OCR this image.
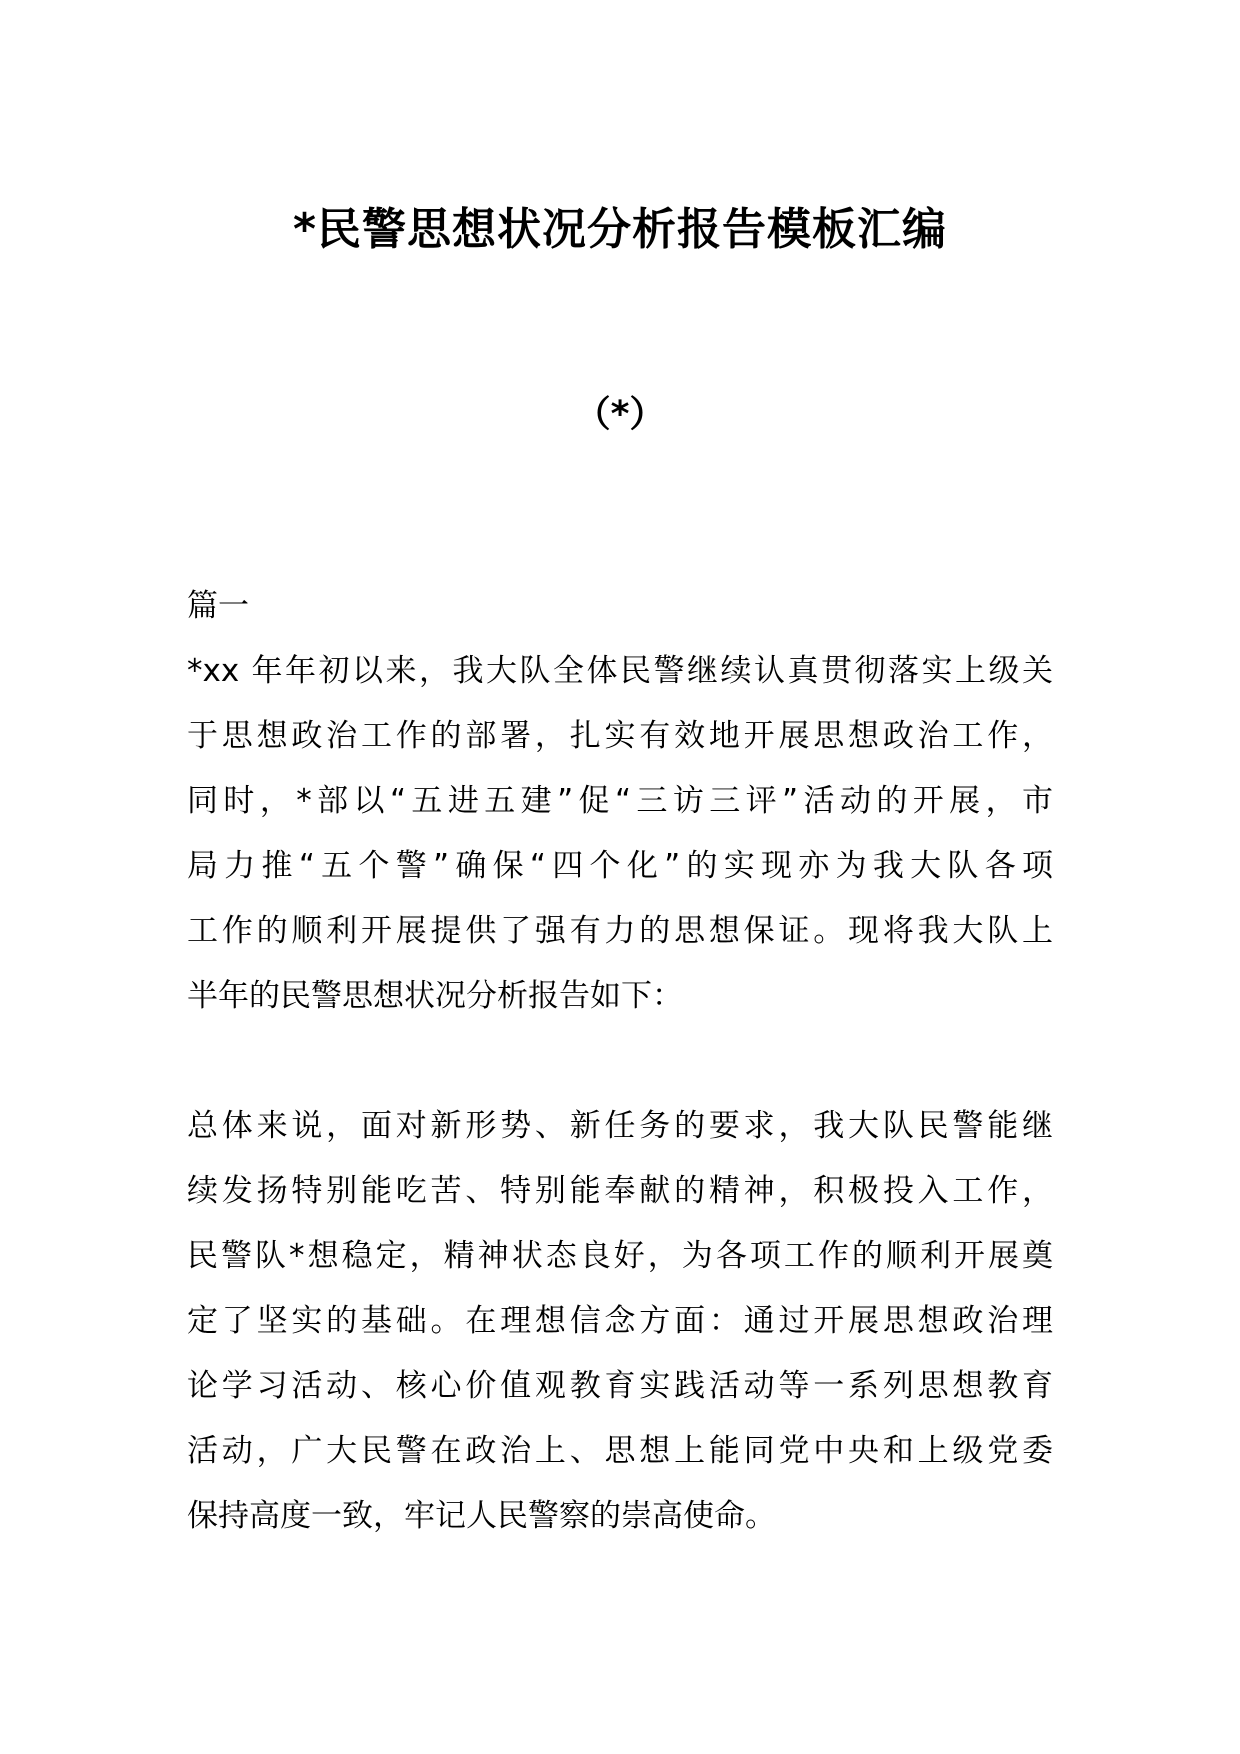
*民警思想状况分析报告模板汇编
（*）
篇一
*xx 年年初以来，我大队全体民警继续认真贯彻落实上级关
于思想政治工作的部署，扎实有效地开展思想政治工作，
同时，*部以“五进五建”促“三访三评”活动的开展，市
局力推“五个警”确保“四个化”的实现亦为我大队各项
工作的顺利开展提供了强有力的思想保证。现将我大队上
半年的民警思想状况分析报告如下：
总体来说，面对新形势、新任务的要求，我大队民警能继
续发扬特别能吃苦、特别能奉献的精神，积极投入工作，
民警队*想稳定，精神状态良好，为各项工作的顺利开展奠
定了坚实的基础。在理想信念方面：通过开展思想政治理
论学习活动、核心价值观教育实践活动等一系列思想教育
活动，广大民警在政治上、思想上能同党中央和上级党委
保持高度一致，牢记人民警察的崇高使命。
